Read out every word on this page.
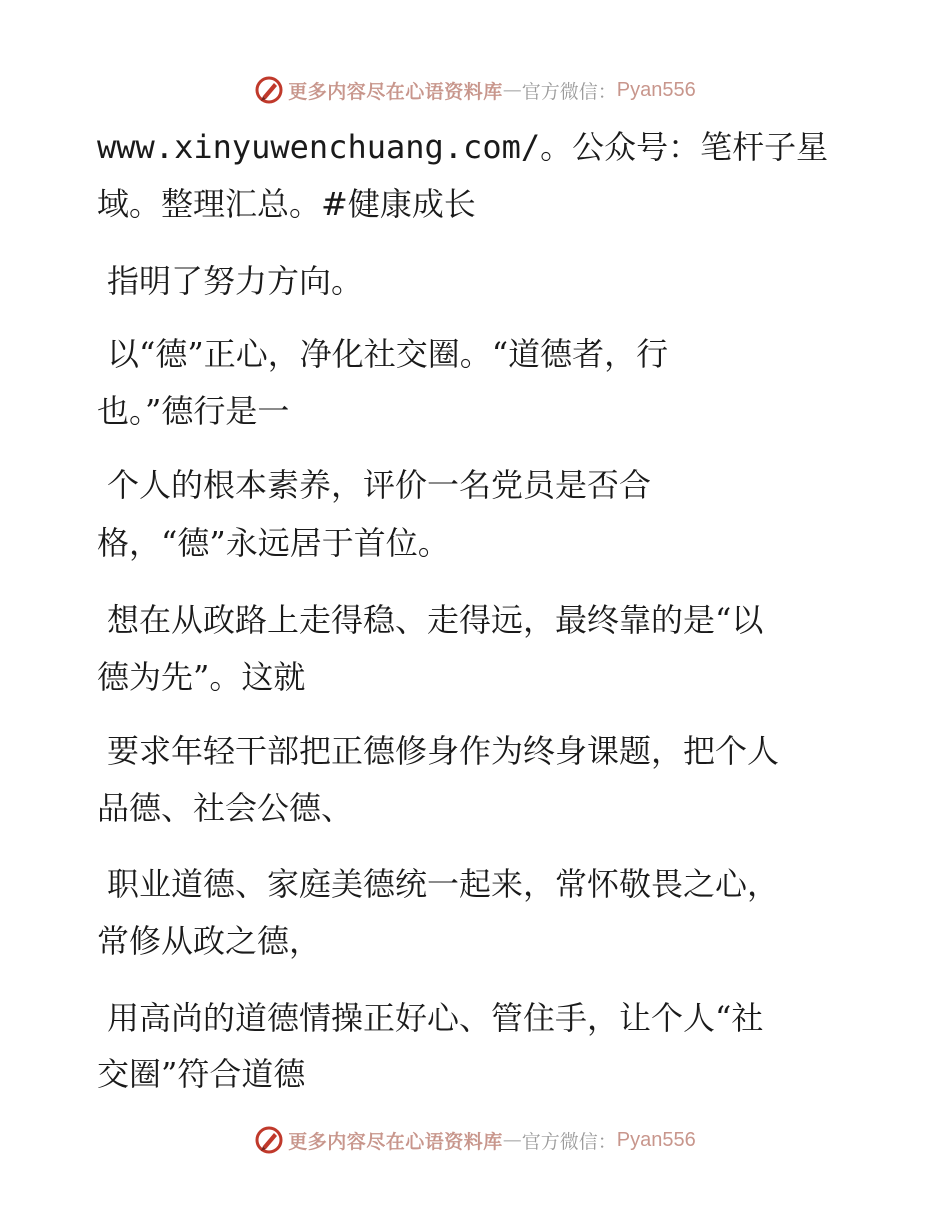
更多内容尽在心语资料库 — 官方微信： Pyan556
www.xinyuwenchuang.com/。公众号：笔杆子星
域。整理汇总。#健康成长
指明了努力方向。
以“德”正心，净化社交圈。“道德者，行
也。”德行是一
个人的根本素养，评价一名党员是否合
格，“德”永远居于首位。
想在从政路上走得稳、走得远，最终靠的是“以
德为先”。这就
要求年轻干部把正德修身作为终身课题，把个人
品德、社会公德、
职业道德、家庭美德统一起来，常怀敬畏之心，
常修从政之德，
用高尚的道德情操正好心、管住手，让个人“社
交圈”符合道德
更多内容尽在心语资料库 — 官方微信： Pyan556
